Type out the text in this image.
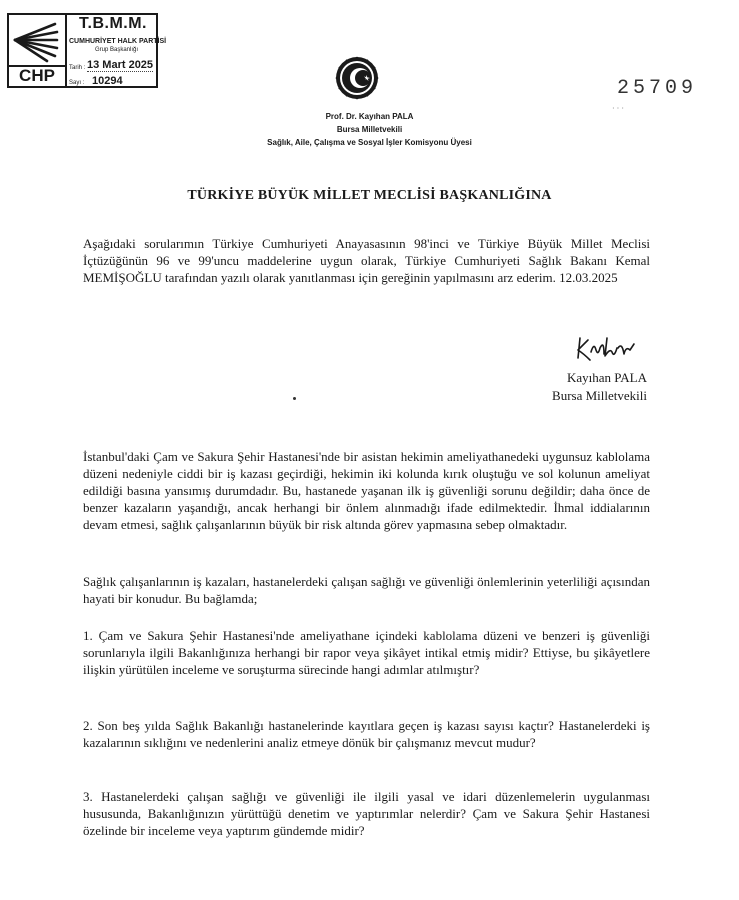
CHP
T.B.M.M.
CUMHURİYET HALK PARTİSİ
Grup Başkanlığı
Tarih : 13 Mart 2025
Sayı : 10294	25709
· · ·
Prof. Dr. Kayıhan PALA
Bursa Milletvekili
Sağlık, Aile, Çalışma ve Sosyal İşler Komisyonu Üyesi
TÜRKİYE BÜYÜK MİLLET MECLİSİ BAŞKANLIĞINA

Aşağıdaki sorularımın Türkiye Cumhuriyeti Anayasasının 98'inci ve Türkiye Büyük Millet Meclisi İçtüzüğünün 96 ve 99'uncu maddelerine uygun olarak, Türkiye Cumhuriyeti Sağlık Bakanı Kemal MEMİŞOĞLU tarafından yazılı olarak yanıtlanması için gereğinin yapılmasını arz ederim. 12.03.2025

Kayıhan PALA
Bursa Milletvekili

İstanbul'daki Çam ve Sakura Şehir Hastanesi'nde bir asistan hekimin ameliyathanedeki uygunsuz kablolama düzeni nedeniyle ciddi bir iş kazası geçirdiği, hekimin iki kolunda kırık oluştuğu ve sol kolunun ameliyat edildiği basına yansımış durumdadır. Bu, hastanede yaşanan ilk iş güvenliği sorunu değildir; daha önce de benzer kazaların yaşandığı, ancak herhangi bir önlem alınmadığı ifade edilmektedir. İhmal iddialarının devam etmesi, sağlık çalışanlarının büyük bir risk altında görev yapmasına sebep olmaktadır.

Sağlık çalışanlarının iş kazaları, hastanelerdeki çalışan sağlığı ve güvenliği önlemlerinin yeterliliği açısından hayati bir konudur. Bu bağlamda;

1. Çam ve Sakura Şehir Hastanesi'nde ameliyathane içindeki kablolama düzeni ve benzeri iş güvenliği sorunlarıyla ilgili Bakanlığınıza herhangi bir rapor veya şikâyet intikal etmiş midir? Ettiyse, bu şikâyetlere ilişkin yürütülen inceleme ve soruşturma sürecinde hangi adımlar atılmıştır?

2. Son beş yılda Sağlık Bakanlığı hastanelerinde kayıtlara geçen iş kazası sayısı kaçtır? Hastanelerdeki iş kazalarının sıklığını ve nedenlerini analiz etmeye dönük bir çalışmanız mevcut mudur?

3. Hastanelerdeki çalışan sağlığı ve güvenliği ile ilgili yasal ve idari düzenlemelerin uygulanması hususunda, Bakanlığınızın yürüttüğü denetim ve yaptırımlar nelerdir? Çam ve Sakura Şehir Hastanesi özelinde bir inceleme veya yaptırım gündemde midir?
